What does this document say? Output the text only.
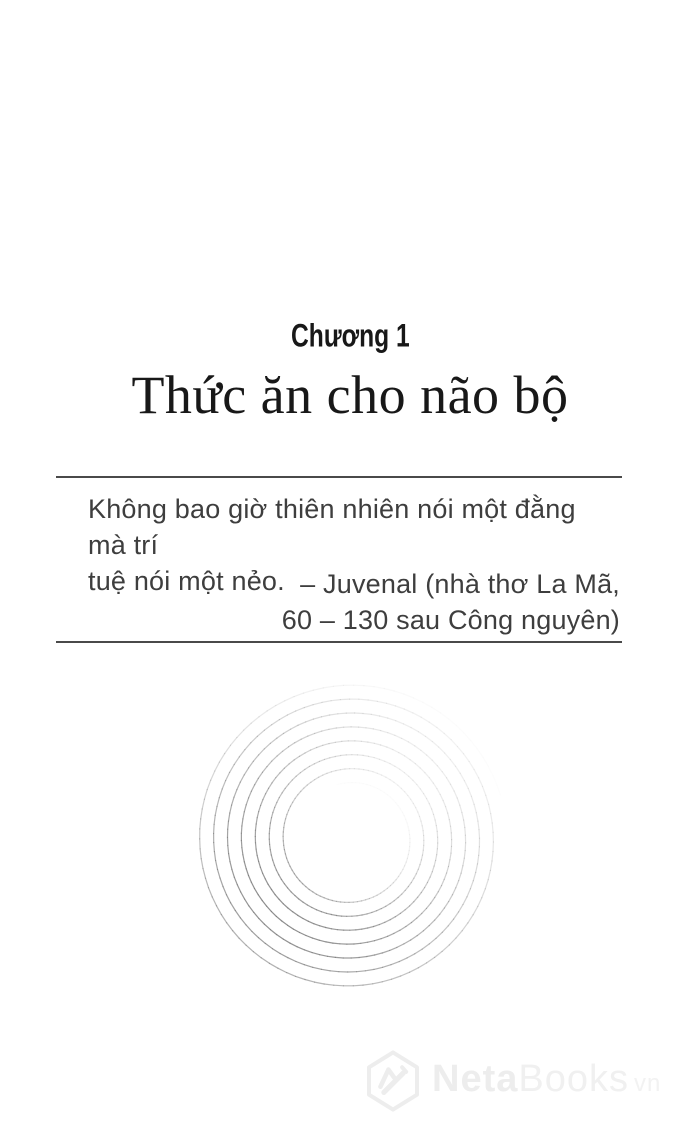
Chương 1
Thức ăn cho não bộ
Không bao giờ thiên nhiên nói một đằng mà trí
tuệ nói một nẻo. – Juvenal (nhà thơ La Mã,
60 – 130 sau Công nguyên)
NetaBooks vn
